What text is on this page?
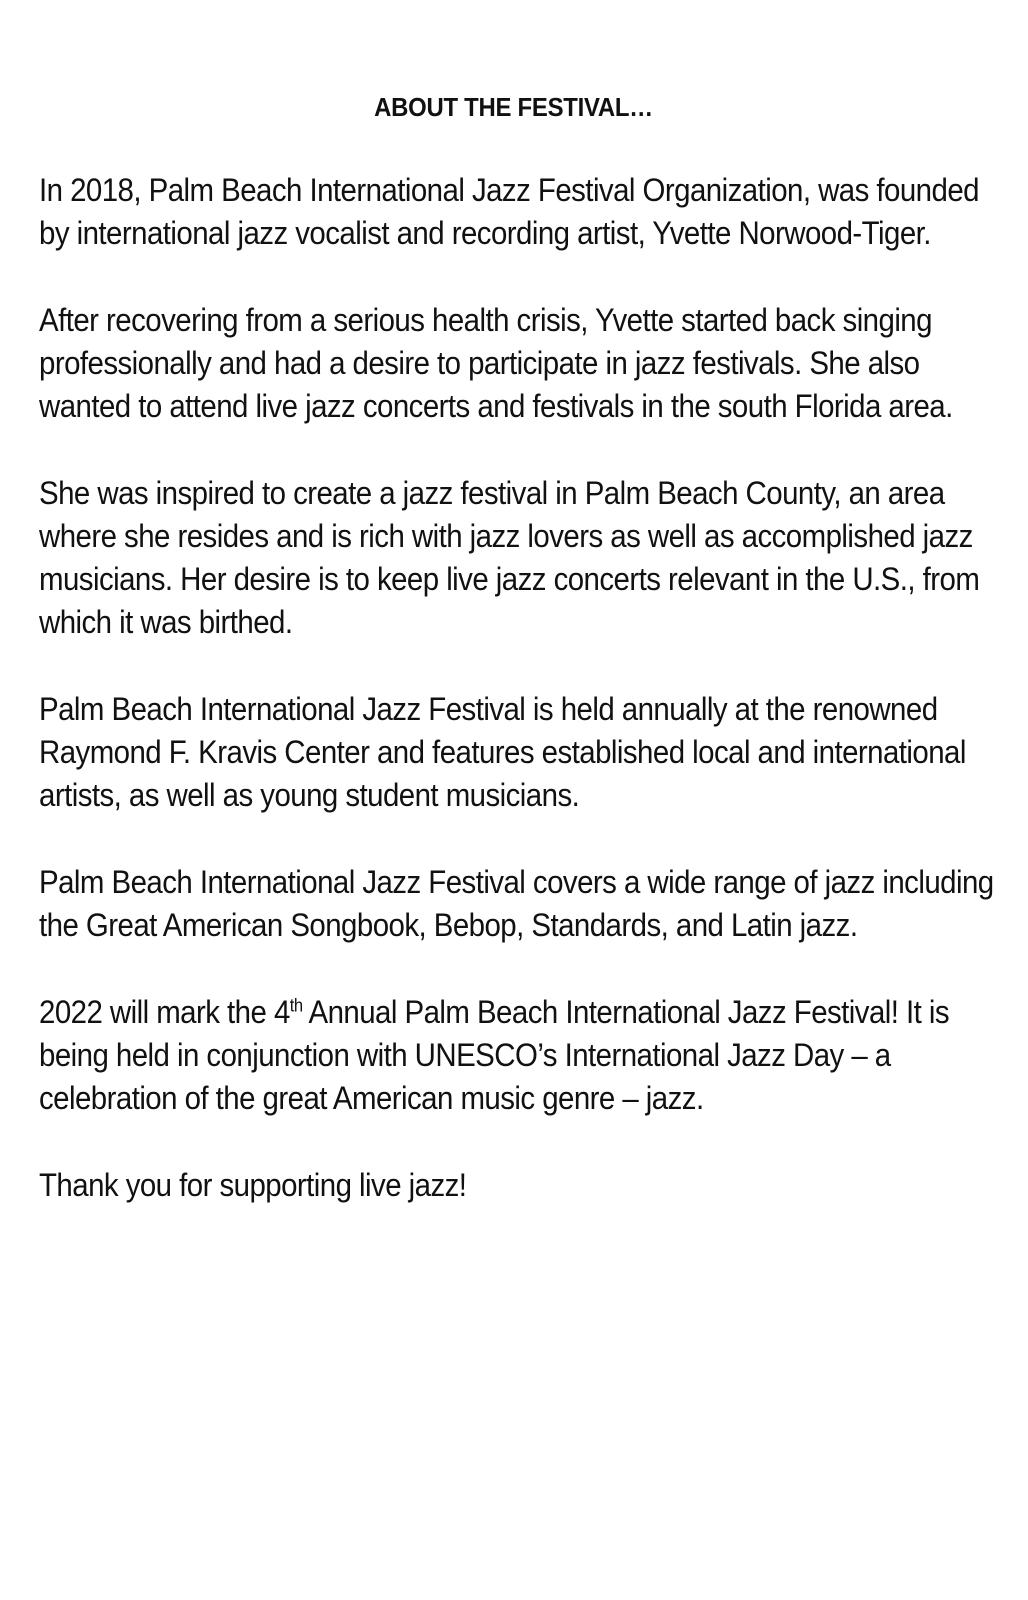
ABOUT THE FESTIVAL…

In 2018, Palm Beach International Jazz Festival Organization, was founded by international jazz vocalist and recording artist, Yvette Norwood-Tiger.

After recovering from a serious health crisis, Yvette started back singing professionally and had a desire to participate in jazz festivals. She also wanted to attend live jazz concerts and festivals in the south Florida area.

She was inspired to create a jazz festival in Palm Beach County, an area where she resides and is rich with jazz lovers as well as accomplished jazz musicians. Her desire is to keep live jazz concerts relevant in the U.S., from which it was birthed.

Palm Beach International Jazz Festival is held annually at the renowned Raymond F. Kravis Center and features established local and international artists, as well as young student musicians.

Palm Beach International Jazz Festival covers a wide range of jazz including the Great American Songbook, Bebop, Standards, and Latin jazz.

2022 will mark the 4th Annual Palm Beach International Jazz Festival! It is being held in conjunction with UNESCO’s International Jazz Day – a celebration of the great American music genre – jazz.

Thank you for supporting live jazz!
